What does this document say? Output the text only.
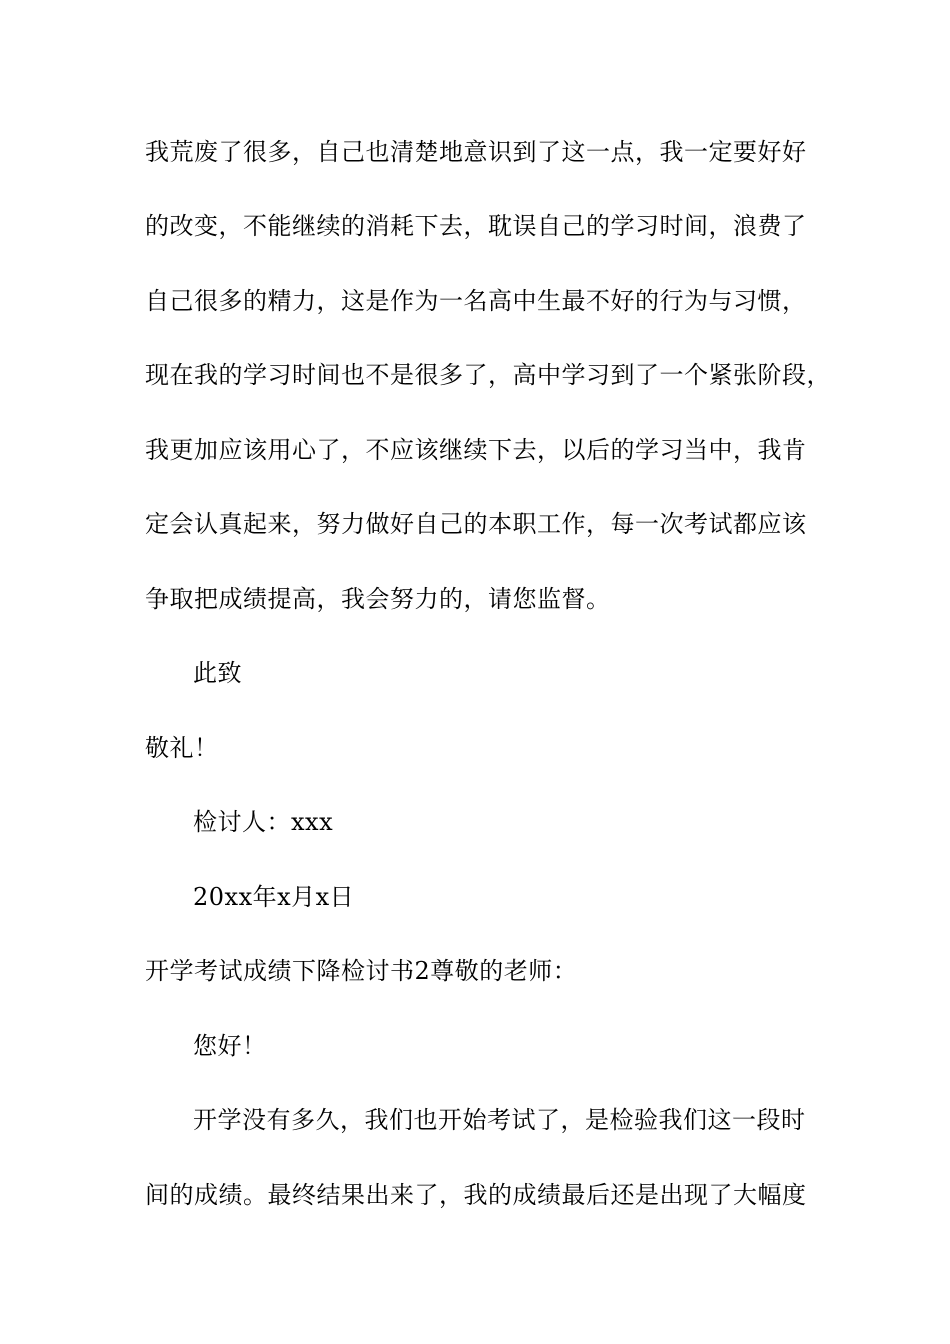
我荒废了很多，自己也清楚地意识到了这一点，我一定要好好
的改变，不能继续的消耗下去，耽误自己的学习时间，浪费了
自己很多的精力，这是作为一名高中生最不好的行为与习惯，
现在我的学习时间也不是很多了，高中学习到了一个紧张阶段，
我更加应该用心了，不应该继续下去，以后的学习当中，我肯
定会认真起来，努力做好自己的本职工作，每一次考试都应该
争取把成绩提高，我会努力的，请您监督。
此致
敬礼！
检讨人：xxx
20xx年x月x日
开学考试成绩下降检讨书2尊敬的老师：
您好！
开学没有多久，我们也开始考试了，是检验我们这一段时
间的成绩。最终结果出来了，我的成绩最后还是出现了大幅度
